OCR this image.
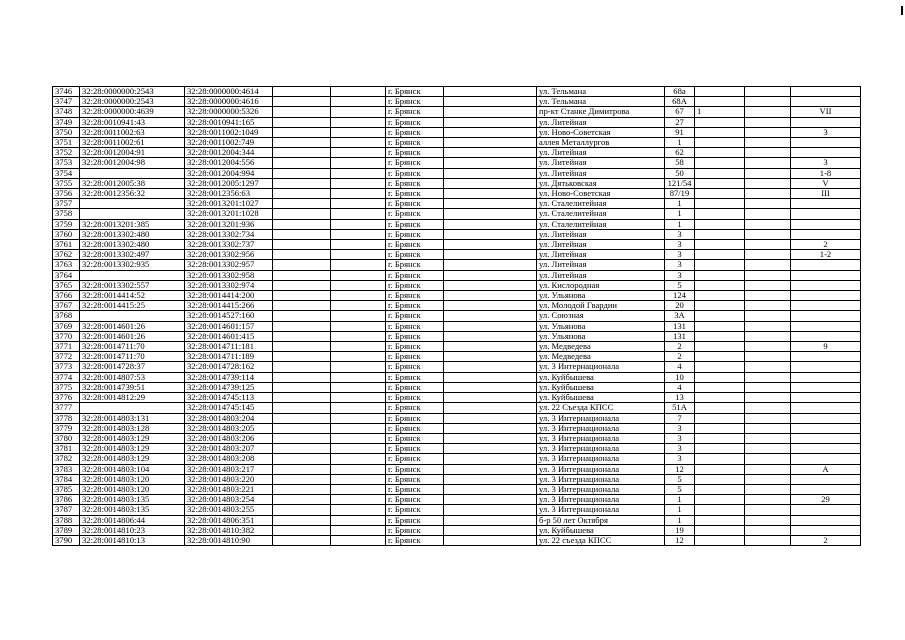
3746	32:28:0000000:2543	32:28:0000000:4614			г. Брянск		ул. Тельмана	68а			
3747	32:28:0000000:2543	32:28:0000000:4616			г. Брянск		ул. Тельмана	68А			
3748	32:28:0000000:4639	32:28:0000000:5326			г. Брянск		пр-кт Станке Димитрова	67	1		VII
3749	32:28:0010941:43	32:28:0010941:165			г. Брянск		ул. Литейная	27			
3750	32:28:0011002:63	32:28:0011002:1049			г. Брянск		ул. Ново-Советская	91			3
3751	32:28:0011002:61	32:28:0011002:749			г. Брянск		аллея Металлургов	1			
3752	32:28:0012004:91	32:28:0012004:344			г. Брянск		ул. Литейная	62			
3753	32:28:0012004:98	32:28:0012004:556			г. Брянск		ул. Литейная	58			3
3754		32:28:0012004:994			г. Брянск		ул. Литейная	50			1-8
3755	32:28:0012005:38	32:28:0012005:1297			г. Брянск		ул. Дятьковская	121/54			V
3756	32:28:0012356:32	32:28:0012356:63			г. Брянск		ул. Ново-Советская	87/19			III
3757		32:28:0013201:1027			г. Брянск		ул. Сталелитейная	1			
3758		32:28:0013201:1028			г. Брянск		ул. Сталелитейная	1			
3759	32:28:0013201:385	32:28:0013201:936			г. Брянск		ул. Сталелитейная	1			
3760	32:28:0013302:480	32:28:0013302:734			г. Брянск		ул. Литейная	3			
3761	32:28:0013302:480	32:28:0013302:737			г. Брянск		ул. Литейная	3			2
3762	32:28:0013302:497	32:28:0013302:956			г. Брянск		ул. Литейная	3			1-2
3763	32:28:0013302:935	32:28:0013302:957			г. Брянск		ул. Литейная	3			
3764		32:28:0013302:958			г. Брянск		ул. Литейная	3			
3765	32:28:0013302:557	32:28:0013302:974			г. Брянск		ул. Кислородная	5			
3766	32:28:0014414:52	32:28:0014414:200			г. Брянск		ул. Ульянова	124			
3767	32:28:0014415:25	32:28:0014415:266			г. Брянск		ул. Молодой Гвардии	20			
3768		32:28:0014527:160			г. Брянск		ул. Союзная	3А			
3769	32:28:0014601:26	32:28:0014601:157			г. Брянск		ул. Ульянова	131			
3770	32:28:0014601:26	32:28:0014601:415			г. Брянск		ул. Ульянова	131			
3771	32:28:0014711:70	32:28:0014711:181			г. Брянск		ул. Медведева	2			9
3772	32:28:0014711:70	32:28:0014711:189			г. Брянск		ул. Медведева	2			
3773	32:28:0014728:37	32:28:0014728:162			г. Брянск		ул. 3 Интернационала	4			
3774	32:28:0014807:53	32:28:0014739:114			г. Брянск		ул. Куйбышева	10			
3775	32:28:0014739:51	32:28:0014739:125			г. Брянск		ул. Куйбышева	4			
3776	32:28:0014812:29	32:28:0014745:113			г. Брянск		ул. Куйбышева	13			
3777		32:28:0014745:145			г. Брянск		ул. 22 Съезда КПСС	51А			
3778	32:28:0014803:131	32:28:0014803:204			г. Брянск		ул. 3 Интернационала	7			
3779	32:28:0014803:128	32:28:0014803:205			г. Брянск		ул. 3 Интернационала	3			
3780	32:28:0014803:129	32:28:0014803:206			г. Брянск		ул. 3 Интернационала	3			
3781	32:28:0014803:129	32:28:0014803:207			г. Брянск		ул. 3 Интернационала	3			
3782	32:28:0014803:129	32:28:0014803:208			г. Брянск		ул. 3 Интернационала	3			
3783	32:28:0014803:104	32:28:0014803:217			г. Брянск		ул. 3 Интернационала	12			А
3784	32:28:0014803:120	32:28:0014803:220			г. Брянск		ул. 3 Интернационала	5			
3785	32:28:0014803:120	32:28:0014803:221			г. Брянск		ул. 3 Интернационала	5			
3786	32:28:0014803:135	32:28:0014803:254			г. Брянск		ул. 3 Интернационала	1			29
3787	32:28:0014803:135	32:28:0014803:255			г. Брянск		ул. 3 Интернационала	1			
3788	32:28:0014806:44	32:28:0014806:351			г. Брянск		б-р 50 лет Октября	1			
3789	32:28:0014810:23	32:28:0014810:382			г. Брянск		ул. Куйбышева	19			
3790	32:28:0014810:13	32:28:0014810:90			г. Брянск		ул. 22 съезда КПСС	12			2
